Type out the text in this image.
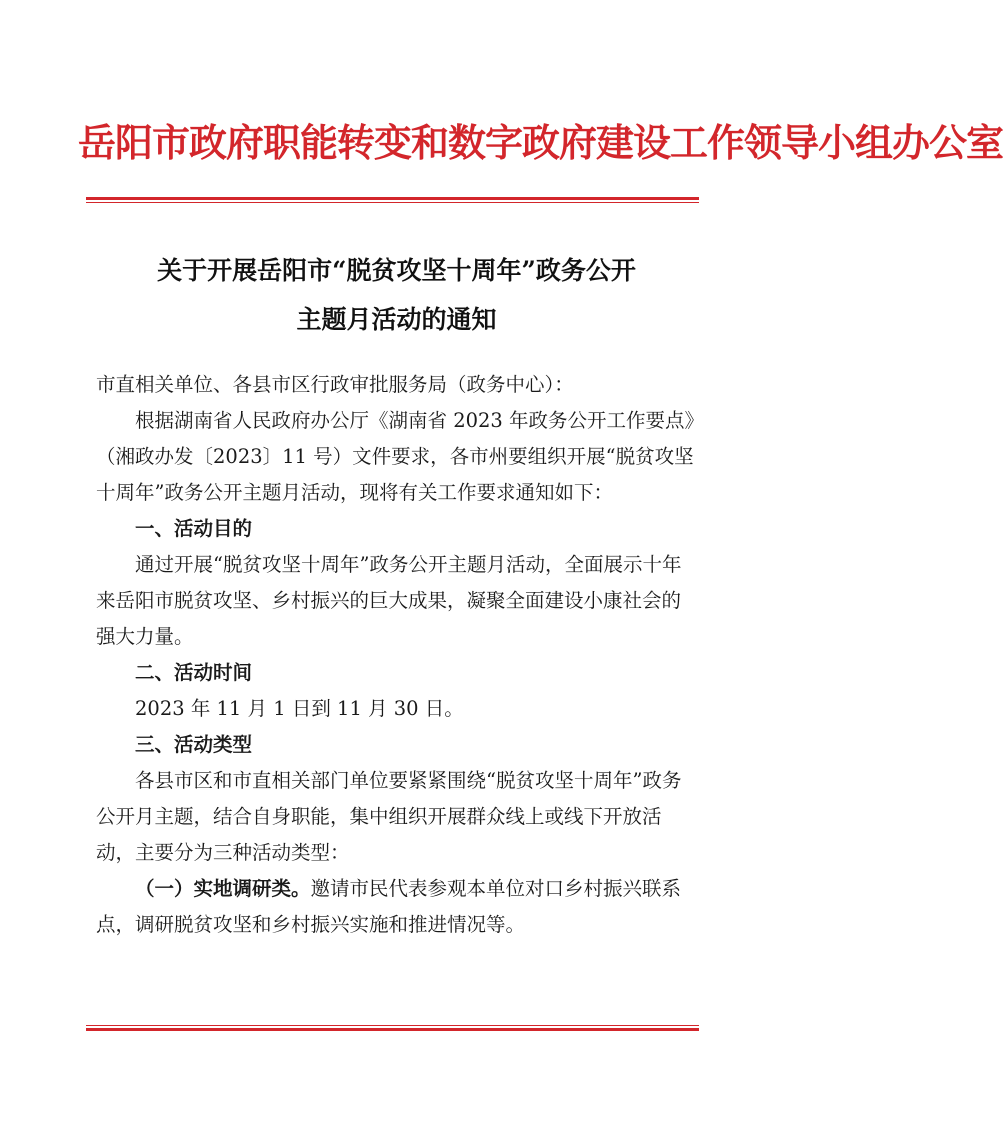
岳阳市政府职能转变和数字政府建设工作领导小组办公室
关于开展岳阳市“脱贫攻坚十周年”政务公开
主题月活动的通知

市直相关单位、各县市区行政审批服务局（政务中心）：

根据湖南省人民政府办公厅《湖南省 2023 年政务公开工作要点》（湘政办发〔2023〕11 号）文件要求，各市州要组织开展“脱贫攻坚十周年”政务公开主题月活动，现将有关工作要求通知如下：

一、活动目的

通过开展“脱贫攻坚十周年”政务公开主题月活动，全面展示十年来岳阳市脱贫攻坚、乡村振兴的巨大成果，凝聚全面建设小康社会的强大力量。

二、活动时间

2023 年 11 月 1 日到 11 月 30 日。

三、活动类型

各县市区和市直相关部门单位要紧紧围绕“脱贫攻坚十周年”政务公开月主题，结合自身职能，集中组织开展群众线上或线下开放活动，主要分为三种活动类型：

（一）实地调研类。邀请市民代表参观本单位对口乡村振兴联系点，调研脱贫攻坚和乡村振兴实施和推进情况等。
